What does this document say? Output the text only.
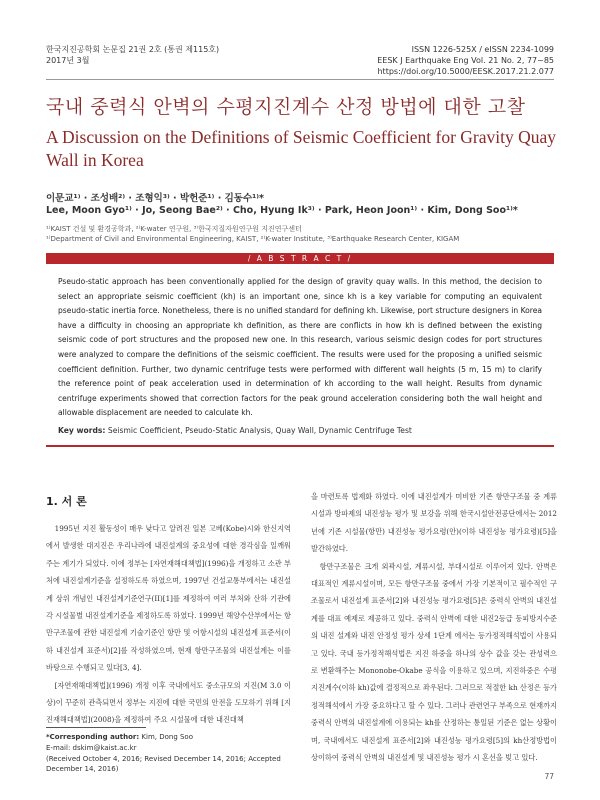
한국지진공학회 논문집 21권 2호 (통권 제115호)
2017년 3월
ISSN 1226-525X / eISSN 2234-1099
EESK J Earthquake Eng Vol. 21 No. 2, 77~85
https://doi.org/10.5000/EESK.2017.21.2.077
국내 중력식 안벽의 수평지진계수 산정 방법에 대한 고찰
A Discussion on the Definitions of Seismic Coefficient for Gravity Quay Wall in Korea
이문교¹⁾ · 조성배²⁾ · 조형익³⁾ · 박헌준¹⁾ · 김동수¹⁾*
Lee, Moon Gyo¹⁾ · Jo, Seong Bae²⁾ · Cho, Hyung Ik³⁾ · Park, Heon Joon¹⁾ · Kim, Dong Soo¹⁾*
¹⁾KAIST 건설 및 환경공학과, ²⁾K-water 연구원, ³⁾한국지질자원연구원 지진연구센터
¹⁾Department of Civil and Environmental Engineering, KAIST, ²⁾K-water Institute, ³⁾Earthquake Research Center, KIGAM
/ A B S T R A C T /
Pseudo-static approach has been conventionally applied for the design of gravity quay walls. In this method, the decision to select an appropriate seismic coefficient (kh) is an important one, since kh is a key variable for computing an equivalent pseudo-static inertia force. Nonetheless, there is no unified standard for defining kh. Likewise, port structure designers in Korea have a difficulty in choosing an appropriate kh definition, as there are conflicts in how kh is defined between the existing seismic code of port structures and the proposed new one. In this research, various seismic design codes for port structures were analyzed to compare the definitions of the seismic coefficient. The results were used for the proposing a unified seismic coefficient definition. Further, two dynamic centrifuge tests were performed with different wall heights (5 m, 15 m) to clarify the reference point of peak acceleration used in determination of kh according to the wall height. Results from dynamic centrifuge experiments showed that correction factors for the peak ground acceleration considering both the wall height and allowable displacement are needed to calculate kh.
Key words: Seismic Coefficient, Pseudo-Static Analysis, Quay Wall, Dynamic Centrifuge Test
1. 서 론

1995년 지진 활동성이 매우 낮다고 알려진 일본 고베(Kobe)시와 한신지역에서 발생한 대지진은 우리나라에 내진설계의 중요성에 대한 경각심을 일깨워 주는 계기가 되었다. 이에 정부는 [자연재해대책법](1996)을 개정하고 소관 부처에 내진설계기준을 설정하도록 하였으며, 1997년 건설교통부에서는 내진설계 상위 개념인 내진설계기준연구(II)[1]를 제정하여 여러 부처와 산하 기관에 각 시설물별 내진설계기준을 제정하도록 하였다. 1999년 해양수산부에서는 항만구조물에 관한 내진설계 기술기준인 항만 및 어항시설의 내진설계 표준서(이하 내진설계 표준서)[2]를 작성하였으며, 현재 항만구조물의 내진설계는 이를 바탕으로 수행되고 있다[3, 4].

[자연재해대책법](1996) 개정 이후 국내에서도 중소규모의 지진(M 3.0 이상)이 꾸준히 관측되면서 정부는 지진에 대한 국민의 안전을 도모하기 위해 [지진재해대책법](2008)을 제정하여 주요 시설물에 대한 내진대책

을 마련토록 법제화 하였다. 이에 내진설계가 미비한 기존 항만구조물 중 계류시설과 방파제의 내진성능 평가 및 보강을 위해 한국시설안전공단에서는 2012년에 기존 시설물(항만) 내진성능 평가요령(안)(이하 내진성능 평가요령)[5]을 발간하였다.

항만구조물은 크게 외곽시설, 계류시설, 부대시설로 이루어져 있다. 안벽은 대표적인 계류시설이며, 모든 항만구조물 중에서 가장 기본적이고 필수적인 구조물로서 내진설계 표준서[2]와 내진성능 평가요령[5]은 중력식 안벽의 내진설계를 대표 예제로 제공하고 있다. 중력식 안벽에 대한 내진2등급 동피방지수준의 내진 설계와 내진 안정성 평가 상세 1단계 에서는 등가정적해석법이 사용되고 있다. 국내 등가정적해석법은 지진 하중을 하나의 상수 값을 갖는 관성력으로 변환해주는 Mononobe-Okabe 공식을 이용하고 있으며, 지진하중은 수평지진계수(이하 kh)값에 결정적으로 좌우된다. 그러므로 적절한 kh 산정은 등가정적해석에서 가장 중요하다고 할 수 있다. 그러나 관련연구 부족으로 현재까지 중력식 안벽의 내진설계에 이용되는 kh를 산정하는 통일된 기준은 없는 상황이며, 국내에서도 내진설계 표준서[2]와 내진성능 평가요령[5]의 kh산정방법이 상이하여 중력식 안벽의 내진설계 및 내진성능 평가 시 혼선을 빚고 있다.

*Corresponding author: Kim, Dong Soo
E-mail: dskim@kaist.ac.kr
(Received October 4, 2016; Revised December 14, 2016; Accepted December 14, 2016)
77
